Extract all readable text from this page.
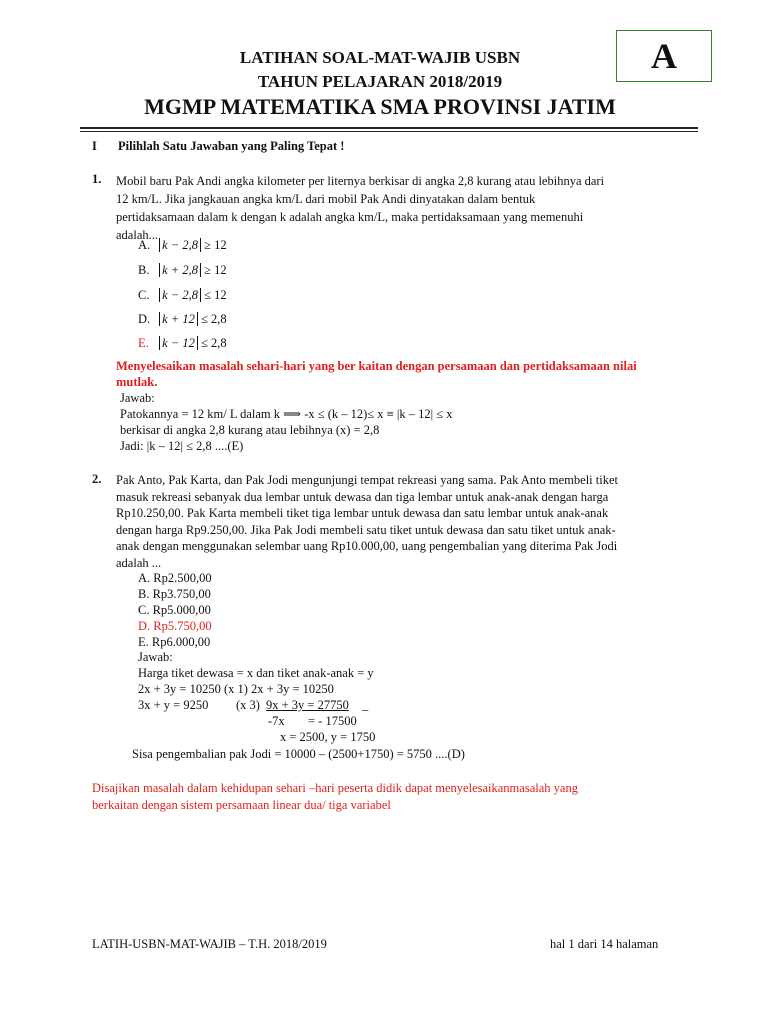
LATIHAN SOAL-MAT-WAJIB USBN
TAHUN PELAJARAN 2018/2019
MGMP MATEMATIKA SMA PROVINSI JATIM
A
I Pilihlah Satu Jawaban yang Paling Tepat !
1. Mobil baru Pak Andi angka kilometer per liternya berkisar di angka 2,8 kurang atau lebihnya dari
12 km/L. Jika jangkauan angka km/L dari mobil Pak Andi dinyatakan dalam bentuk
pertidaksamaan dalam k dengan k adalah angka km/L, maka pertidaksamaan yang memenuhi
adalah...
A. k − 2,8 ≥ 12
B. k + 2,8 ≥ 12
C. k − 2,8 ≤ 12
D. k + 12 ≤ 2,8
E. k − 12 ≤ 2,8
Menyelesaikan masalah sehari-hari yang ber kaitan dengan persamaan dan pertidaksamaan nilai
mutlak.
Jawab:
Patokannya = 12 km/ L dalam k ⟹ -x ≤ (k – 12)≤ x ≡ |k – 12| ≤ x
berkisar di angka 2,8 kurang atau lebihnya (x) = 2,8
Jadi: |k – 12| ≤ 2,8 ....(E)
2. Pak Anto, Pak Karta, dan Pak Jodi mengunjungi tempat rekreasi yang sama. Pak Anto membeli tiket
masuk rekreasi sebanyak dua lembar untuk dewasa dan tiga lembar untuk anak-anak dengan harga
Rp10.250,00. Pak Karta membeli tiket tiga lembar untuk dewasa dan satu lembar untuk anak-anak
dengan harga Rp9.250,00. Jika Pak Jodi membeli satu tiket untuk dewasa dan satu tiket untuk anak-
anak dengan menggunakan selembar uang Rp10.000,00, uang pengembalian yang diterima Pak Jodi
adalah ...
A. Rp2.500,00
B. Rp3.750,00
C. Rp5.000,00
D. Rp5.750,00
E. Rp6.000,00
Jawab:
Harga tiket dewasa = x dan tiket anak-anak = y
2x + 3y = 10250 (x 1) 2x + 3y = 10250
3x + y = 9250 (x 3) 9x + 3y = 27750 _
-7x = - 17500
x = 2500, y = 1750
Sisa pengembalian pak Jodi = 10000 – (2500+1750) = 5750 ....(D)
Disajikan masalah dalam kehidupan sehari –hari peserta didik dapat menyelesaikanmasalah yang
berkaitan dengan sistem persamaan linear dua/ tiga variabel
LATIH-USBN-MAT-WAJIB – T.H. 2018/2019	hal 1 dari 14 halaman
